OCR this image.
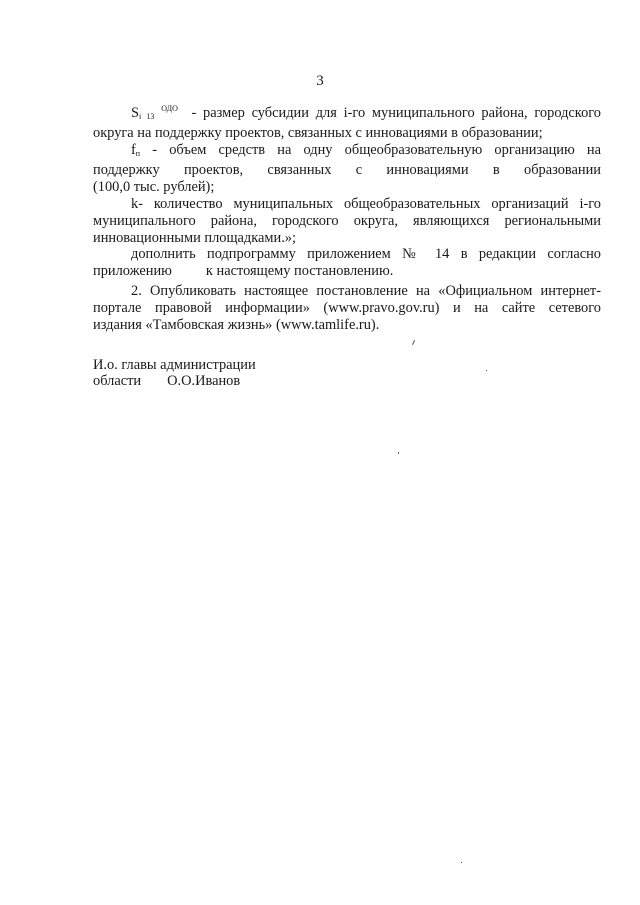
3

$S_{i 13}$ $^{ОДО}$ - размер субсидии для i-го муниципального района, городского

округа на поддержку проектов, связанных с инновациями в образовании;

$f_п$ - объем средств на одну общеобразовательную организацию на

поддержку проектов, связанных с инновациями в образовании

(100,0 тыс. рублей);

k- количество муниципальных общеобразовательных организаций i-го

муниципального района, городского округа, являющихся региональными

инновационными площадками.»;

дополнить подпрограмму приложением № 14 в редакции согласно

приложению к настоящему постановлению.

2. Опубликовать настоящее постановление на «Официальном интернет-

портале правовой информации» (www.pravo.gov.ru) и на сайте сетевого

издания «Тамбовская жизнь» (www.tamlife.ru).

И.о. главы администрации
области О.О.Иванов
